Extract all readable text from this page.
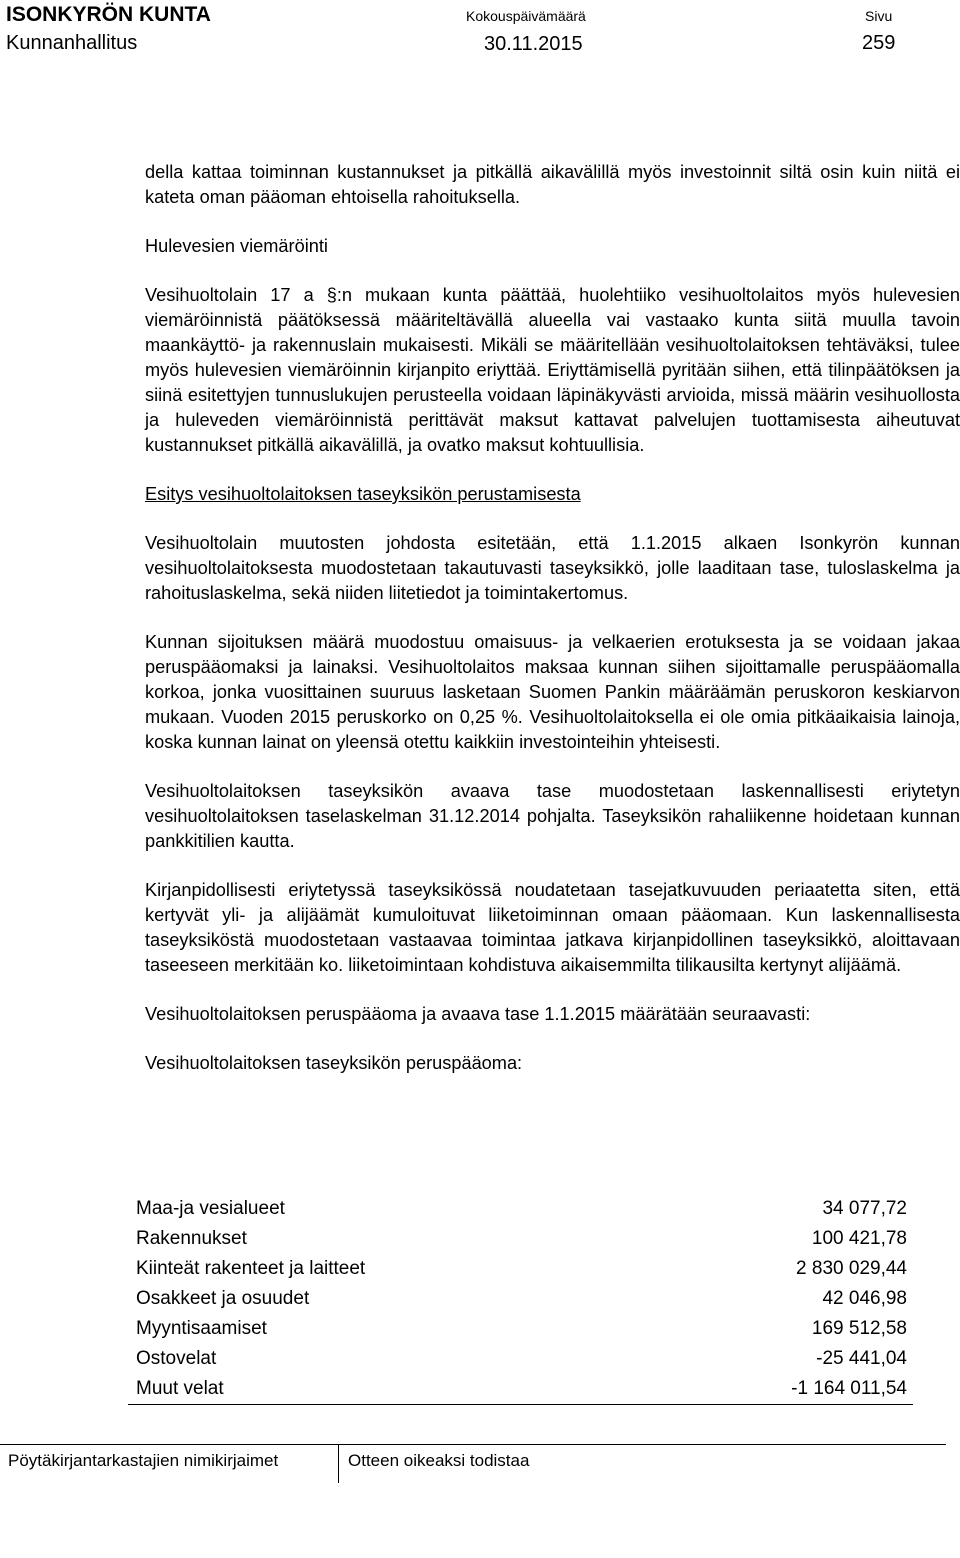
ISONKYRÖN KUNTA
Kunnanhallitus
Kokouspäivämäärä
30.11.2015
Sivu
259

della kattaa toiminnan kustannukset ja pitkällä aikavälillä myös investoinnit siltä osin kuin niitä ei kateta oman pääoman ehtoisella rahoituksella.

Hulevesien viemäröinti

Vesihuoltolain 17 a §:n mukaan kunta päättää, huolehtiiko vesihuoltolaitos myös hulevesien viemäröinnistä päätöksessä määriteltävällä alueella vai vastaako kunta siitä muulla tavoin maankäyttö- ja rakennuslain mukaisesti. Mikäli se määritellään vesihuoltolaitoksen tehtäväksi, tulee myös hulevesien viemäröinnin kirjanpito eriyttää. Eriyttämisellä pyritään siihen, että tilinpäätöksen ja siinä esitettyjen tunnuslukujen perusteella voidaan läpinäkyvästi arvioida, missä määrin vesihuollosta ja huleveden viemäröinnistä perittävät maksut kattavat palvelujen tuottamisesta aiheutuvat kustannukset pitkällä aikavälillä, ja ovatko maksut kohtuullisia.

Esitys vesihuoltolaitoksen taseyksikön perustamisesta

Vesihuoltolain muutosten johdosta esitetään, että 1.1.2015 alkaen Isonkyrön kunnan vesihuoltolaitoksesta muodostetaan takautuvasti taseyksikkö, jolle laaditaan tase, tuloslaskelma ja rahoituslaskelma, sekä niiden liitetiedot ja toimintakertomus.

Kunnan sijoituksen määrä muodostuu omaisuus- ja velkaerien erotuksesta ja se voidaan jakaa peruspääomaksi ja lainaksi. Vesihuoltolaitos maksaa kunnan siihen sijoittamalle peruspääomalla korkoa, jonka vuosittainen suuruus lasketaan Suomen Pankin määräämän peruskoron keskiarvon mukaan. Vuoden 2015 peruskorko on 0,25 %. Vesihuoltolaitoksella ei ole omia pitkäaikaisia lainoja, koska kunnan lainat on yleensä otettu kaikkiin investointeihin yhteisesti.

Vesihuoltolaitoksen taseyksikön avaava tase muodostetaan laskennallisesti eriytetyn vesihuoltolaitoksen taselaskelman 31.12.2014 pohjalta. Taseyksikön rahaliikenne hoidetaan kunnan pankkitilien kautta.

Kirjanpidollisesti eriytetyssä taseyksikössä noudatetaan tasejatkuvuuden periaatetta siten, että kertyvät yli- ja alijäämät kumuloituvat liiketoiminnan omaan pääomaan. Kun laskennallisesta taseyksiköstä muodostetaan vastaavaa toimintaa jatkava kirjanpidollinen taseyksikkö, aloittavaan taseeseen merkitään ko. liiketoimintaan kohdistuva aikaisemmilta tilikausilta kertynyt alijäämä.

Vesihuoltolaitoksen peruspääoma ja avaava tase 1.1.2015 määrätään seuraavasti:

Vesihuoltolaitoksen taseyksikön peruspääoma:

Maa-ja vesialueet	34 077,72
Rakennukset	100 421,78
Kiinteät rakenteet ja laitteet	2 830 029,44
Osakkeet ja osuudet	42 046,98
Myyntisaamiset	169 512,58
Ostovelat	-25 441,04
Muut velat	-1 164 011,54
Pöytäkirjantarkastajien nimikirjaimet	Otteen oikeaksi todistaa
